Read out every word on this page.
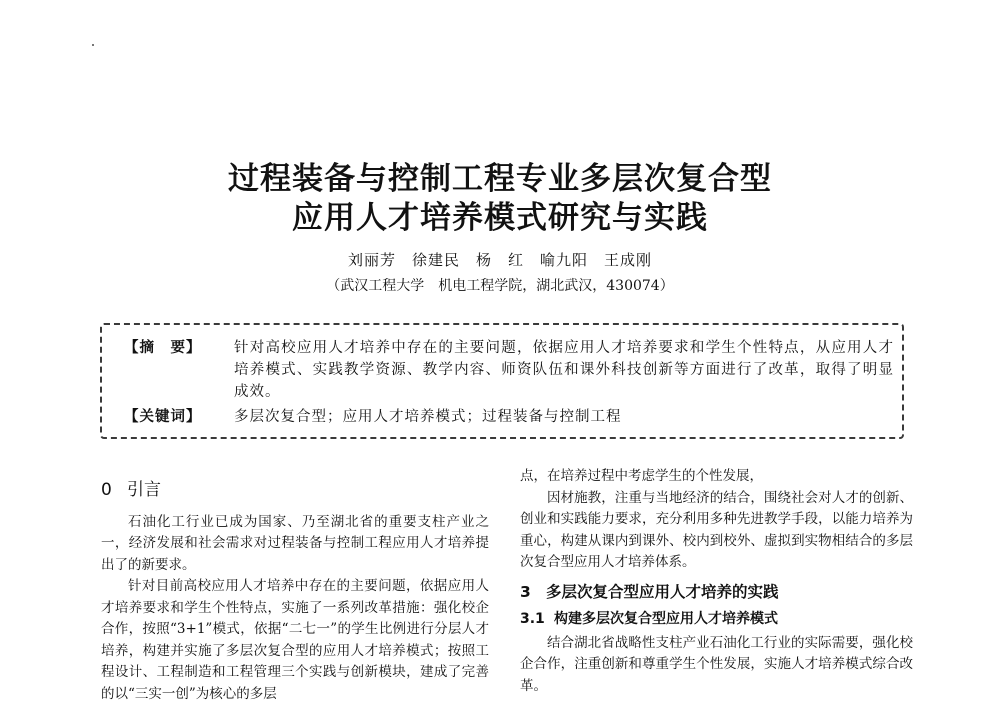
过程装备与控制工程专业多层次复合型
应用人才培养模式研究与实践
刘丽芳　徐建民　杨　红　喻九阳　王成刚
（武汉工程大学　机电工程学院，湖北武汉，430074）
【摘　要】 针对高校应用人才培养中存在的主要问题，依据应用人才培养要求和学生个性特点，从应用人才培养模式、实践教学资源、教学内容、师资队伍和课外科技创新等方面进行了改革，取得了明显成效。
【关键词】 多层次复合型；应用人才培养模式；过程装备与控制工程
0 引言

石油化工行业已成为国家、乃至湖北省的重要支柱产业之一，经济发展和社会需求对过程装备与控制工程应用人才培养提出了的新要求。

针对目前高校应用人才培养中存在的主要问题，依据应用人才培养要求和学生个性特点，实施了一系列改革措施：强化校企合作，按照“3+1”模式，依据“二七一”的学生比例进行分层人才培养，构建并实施了多层次复合型的应用人才培养模式；按照工程设计、工程制造和工程管理三个实践与创新模块，建成了完善的以“三实一创”为核心的多层

点，在培养过程中考虑学生的个性发展，

因材施教，注重与当地经济的结合，围绕社会对人才的创新、创业和实践能力要求，充分利用多种先进教学手段，以能力培养为重心，构建从课内到课外、校内到校外、虚拟到实物相结合的多层次复合型应用人才培养体系。

3 多层次复合型应用人才培养的实践
3.1 构建多层次复合型应用人才培养模式

结合湖北省战略性支柱产业石油化工行业的实际需要，强化校企合作，注重创新和尊重学生个性发展，实施人才培养模式综合改革。
